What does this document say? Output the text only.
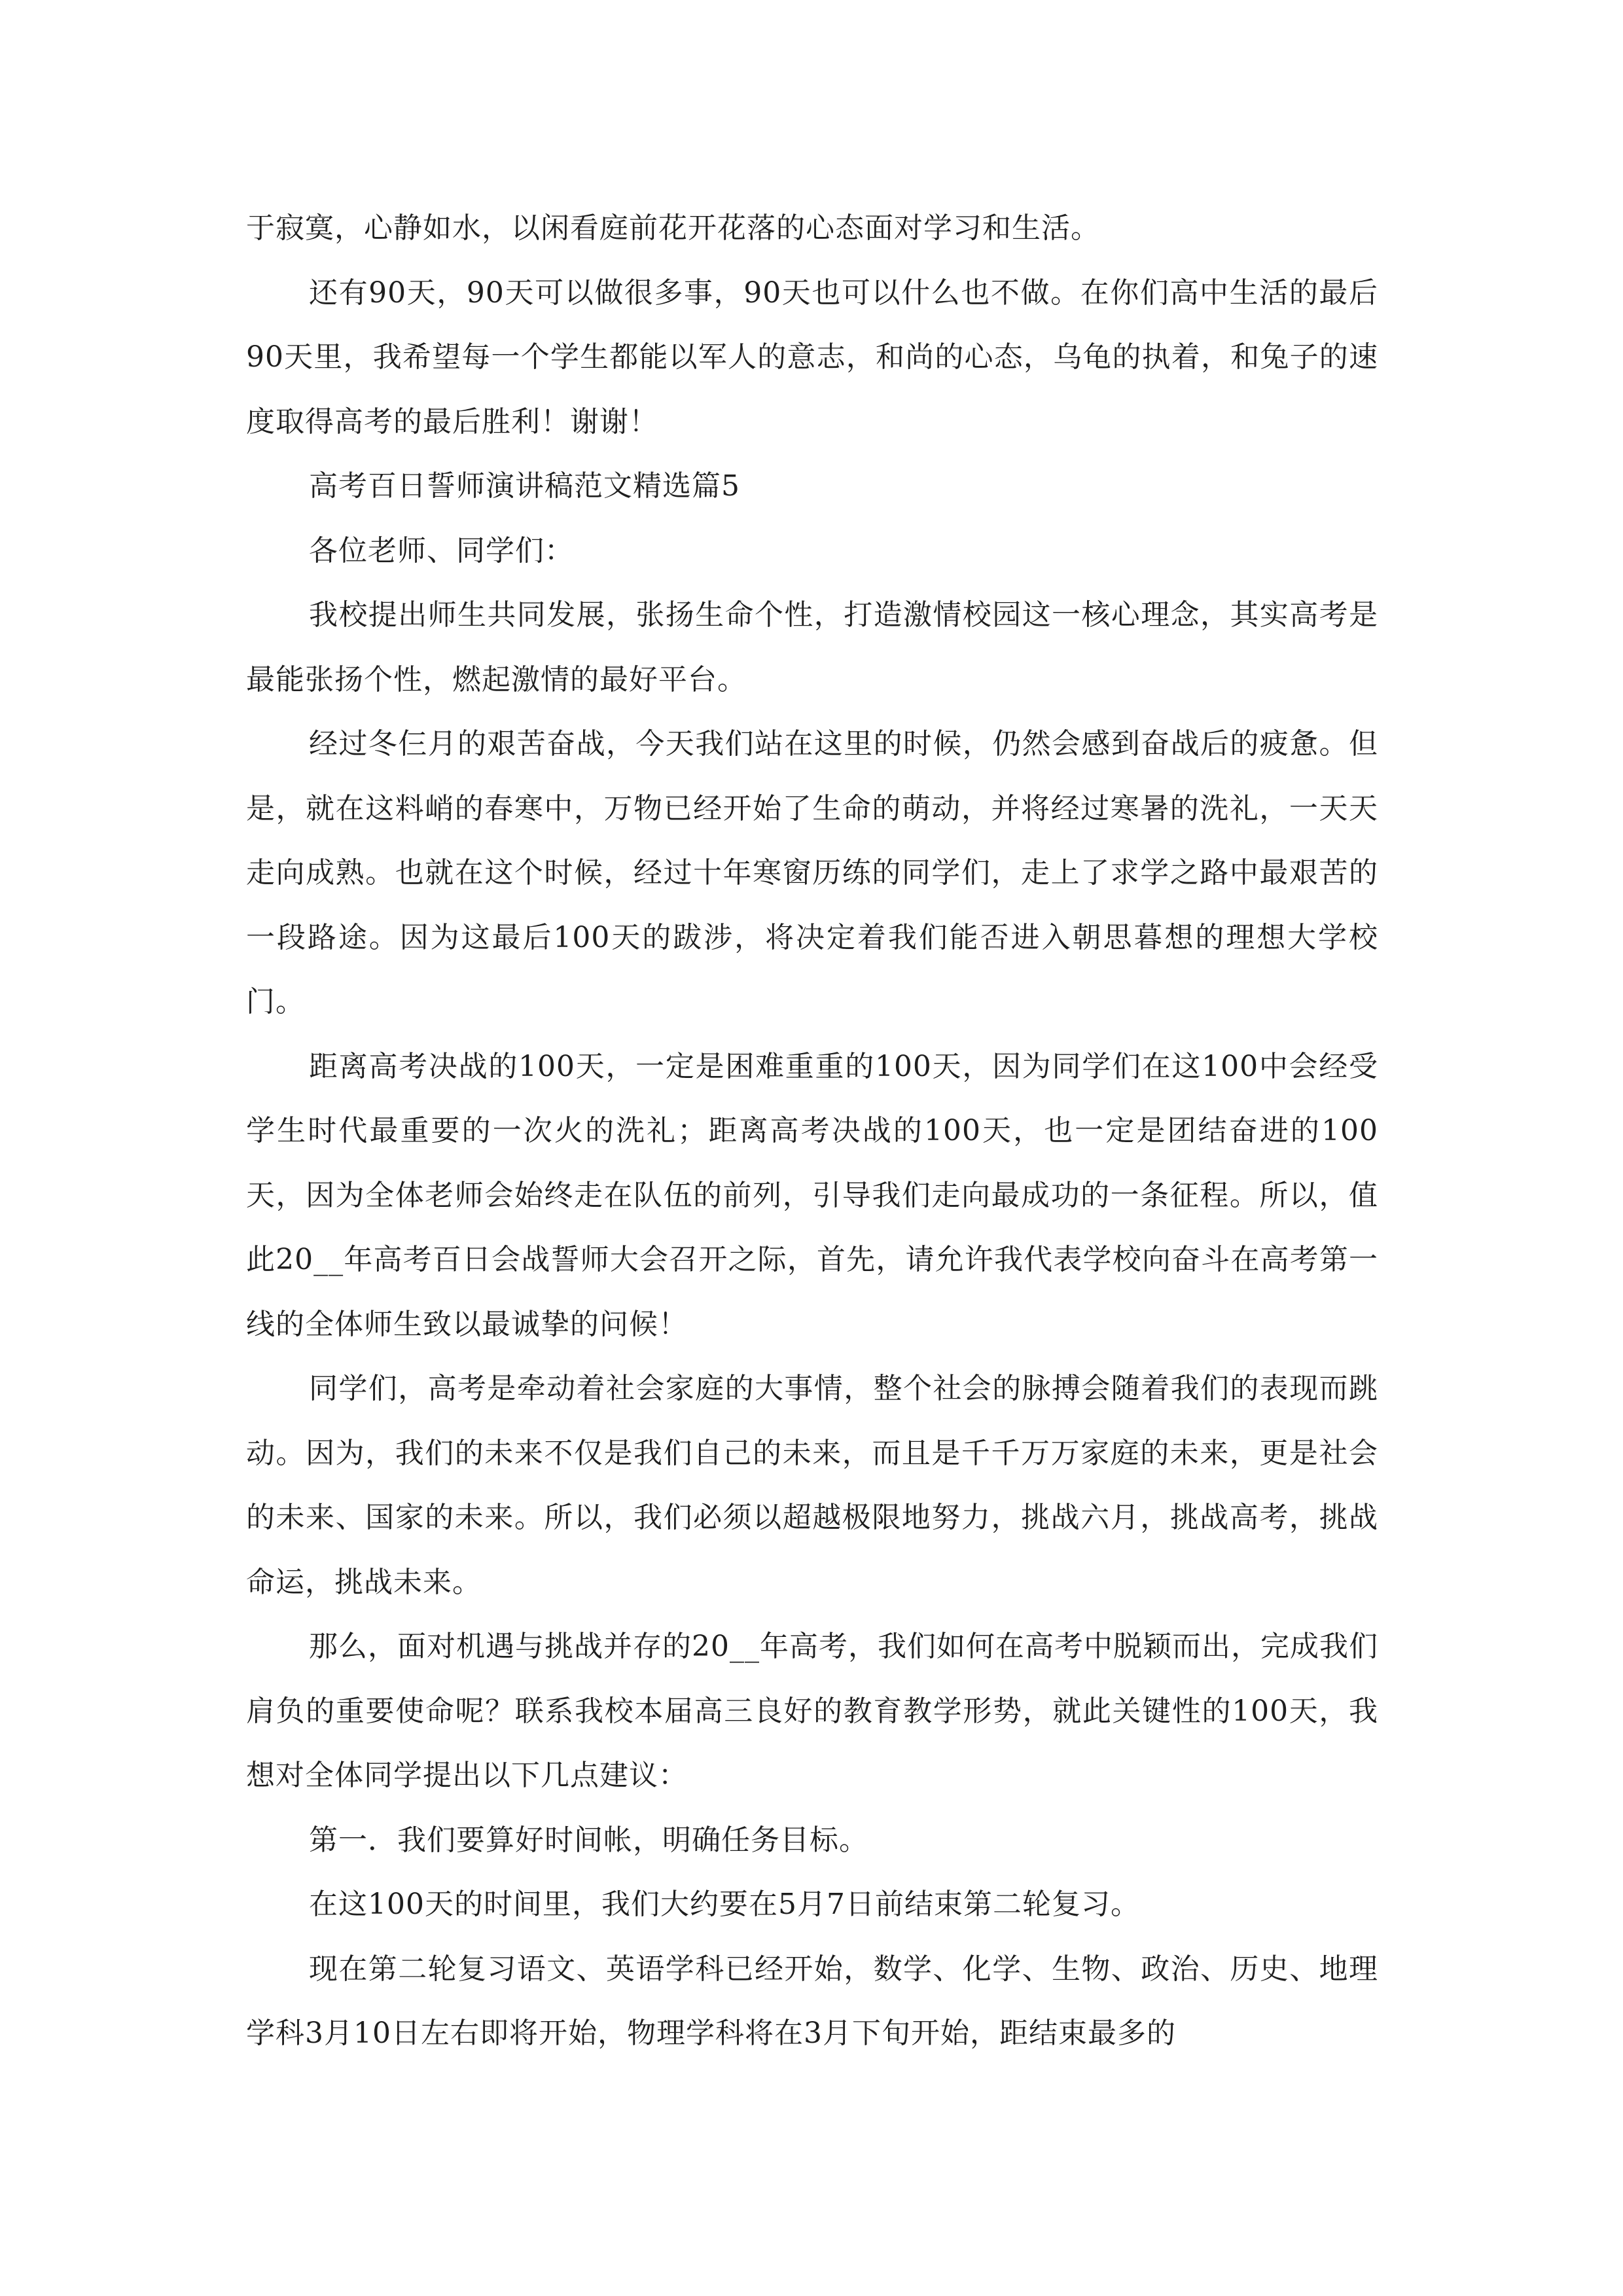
于寂寞，心静如水，以闲看庭前花开花落的心态面对学习和生活。

还有90天，90天可以做很多事，90天也可以什么也不做。在你们高中生活的最后90天里，我希望每一个学生都能以军人的意志，和尚的心态，乌龟的执着，和兔子的速度取得高考的最后胜利！谢谢！

高考百日誓师演讲稿范文精选篇5

各位老师、同学们：

我校提出师生共同发展，张扬生命个性，打造激情校园这一核心理念，其实高考是最能张扬个性，燃起激情的最好平台。

经过冬仨月的艰苦奋战，今天我们站在这里的时候，仍然会感到奋战后的疲惫。但是，就在这料峭的春寒中，万物已经开始了生命的萌动，并将经过寒暑的洗礼，一天天走向成熟。也就在这个时候，经过十年寒窗历练的同学们，走上了求学之路中最艰苦的一段路途。因为这最后100天的跋涉，将决定着我们能否进入朝思暮想的理想大学校门。

距离高考决战的100天，一定是困难重重的100天，因为同学们在这100中会经受学生时代最重要的一次火的洗礼；距离高考决战的100天，也一定是团结奋进的100天，因为全体老师会始终走在队伍的前列，引导我们走向最成功的一条征程。所以，值此20__年高考百日会战誓师大会召开之际，首先，请允许我代表学校向奋斗在高考第一线的全体师生致以最诚挚的问候！

同学们，高考是牵动着社会家庭的大事情，整个社会的脉搏会随着我们的表现而跳动。因为，我们的未来不仅是我们自己的未来，而且是千千万万家庭的未来，更是社会的未来、国家的未来。所以，我们必须以超越极限地努力，挑战六月，挑战高考，挑战命运，挑战未来。

那么，面对机遇与挑战并存的20__年高考，我们如何在高考中脱颖而出，完成我们肩负的重要使命呢？联系我校本届高三良好的教育教学形势，就此关键性的100天，我想对全体同学提出以下几点建议：

第一．我们要算好时间帐，明确任务目标。

在这100天的时间里，我们大约要在5月7日前结束第二轮复习。

现在第二轮复习语文、英语学科已经开始，数学、化学、生物、政治、历史、地理学科3月10日左右即将开始，物理学科将在3月下旬开始，距结束最多的
